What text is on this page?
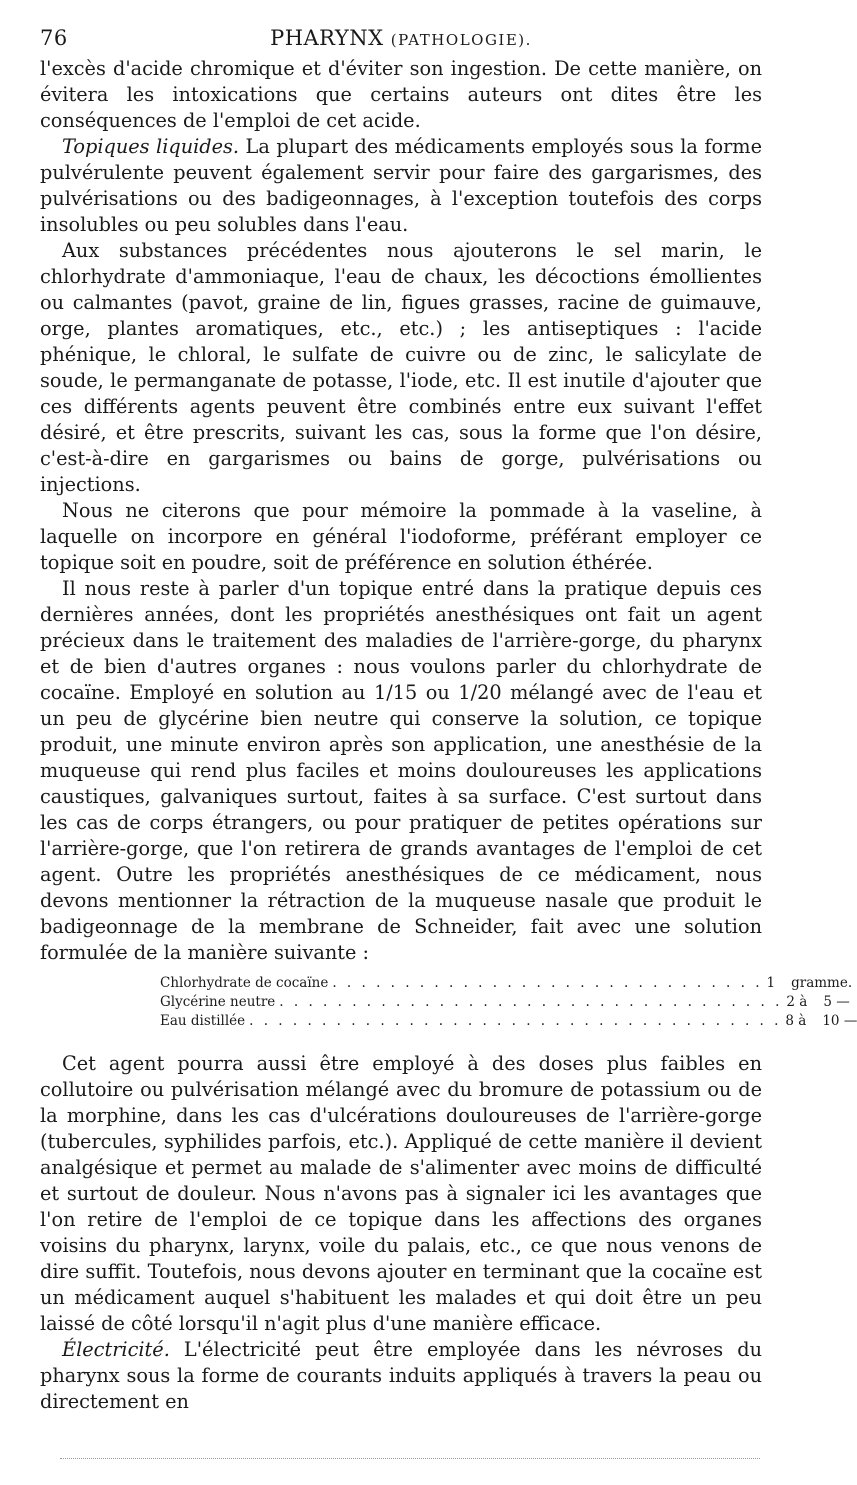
76	PHARYNX (PATHOLOGIE).

l'excès d'acide chromique et d'éviter son ingestion. De cette manière, on évitera les intoxications que certains auteurs ont dites être les conséquences de l'emploi de cet acide.

Topiques liquides. La plupart des médicaments employés sous la forme pulvérulente peuvent également servir pour faire des gargarismes, des pulvérisations ou des badigeonnages, à l'exception toutefois des corps insolubles ou peu solubles dans l'eau.

Aux substances précédentes nous ajouterons le sel marin, le chlorhydrate d'ammoniaque, l'eau de chaux, les décoctions émollientes ou calmantes (pavot, graine de lin, figues grasses, racine de guimauve, orge, plantes aromatiques, etc., etc.) ; les antiseptiques : l'acide phénique, le chloral, le sulfate de cuivre ou de zinc, le salicylate de soude, le permanganate de potasse, l'iode, etc. Il est inutile d'ajouter que ces différents agents peuvent être combinés entre eux suivant l'effet désiré, et être prescrits, suivant les cas, sous la forme que l'on désire, c'est-à-dire en gargarismes ou bains de gorge, pulvérisations ou injections.

Nous ne citerons que pour mémoire la pommade à la vaseline, à laquelle on incorpore en général l'iodoforme, préférant employer ce topique soit en poudre, soit de préférence en solution éthérée.

Il nous reste à parler d'un topique entré dans la pratique depuis ces dernières années, dont les propriétés anesthésiques ont fait un agent précieux dans le traitement des maladies de l'arrière-gorge, du pharynx et de bien d'autres organes : nous voulons parler du chlorhydrate de cocaïne. Employé en solution au 1/15 ou 1/20 mélangé avec de l'eau et un peu de glycérine bien neutre qui conserve la solution, ce topique produit, une minute environ après son application, une anesthésie de la muqueuse qui rend plus faciles et moins douloureuses les applications caustiques, galvaniques surtout, faites à sa surface. C'est surtout dans les cas de corps étrangers, ou pour pratiquer de petites opérations sur l'arrière-gorge, que l'on retirera de grands avantages de l'emploi de cet agent. Outre les propriétés anesthésiques de ce médicament, nous devons mentionner la rétraction de la muqueuse nasale que produit le badigeonnage de la membrane de Schneider, fait avec une solution formulée de la manière suivante :

Chlorhydrate de cocaïne . . . . . . . . . . . . . . . . . . . . . . . . . . . . . . 1	gramme.
Glycérine neutre . . . . . . . . . . . . . . . . . . . . . . . . . . . . . . . . . . . 2 à	5 —
Eau distillée . . . . . . . . . . . . . . . . . . . . . . . . . . . . . . . . . . . . . 8 à	10 —

Cet agent pourra aussi être employé à des doses plus faibles en collutoire ou pulvérisation mélangé avec du bromure de potassium ou de la morphine, dans les cas d'ulcérations douloureuses de l'arrière-gorge (tubercules, syphilides parfois, etc.). Appliqué de cette manière il devient analgésique et permet au malade de s'alimenter avec moins de difficulté et surtout de douleur. Nous n'avons pas à signaler ici les avantages que l'on retire de l'emploi de ce topique dans les affections des organes voisins du pharynx, larynx, voile du palais, etc., ce que nous venons de dire suffit. Toutefois, nous devons ajouter en terminant que la cocaïne est un médicament auquel s'habituent les malades et qui doit être un peu laissé de côté lorsqu'il n'agit plus d'une manière efficace.

Électricité. L'électricité peut être employée dans les névroses du pharynx sous la forme de courants induits appliqués à travers la peau ou directement en
